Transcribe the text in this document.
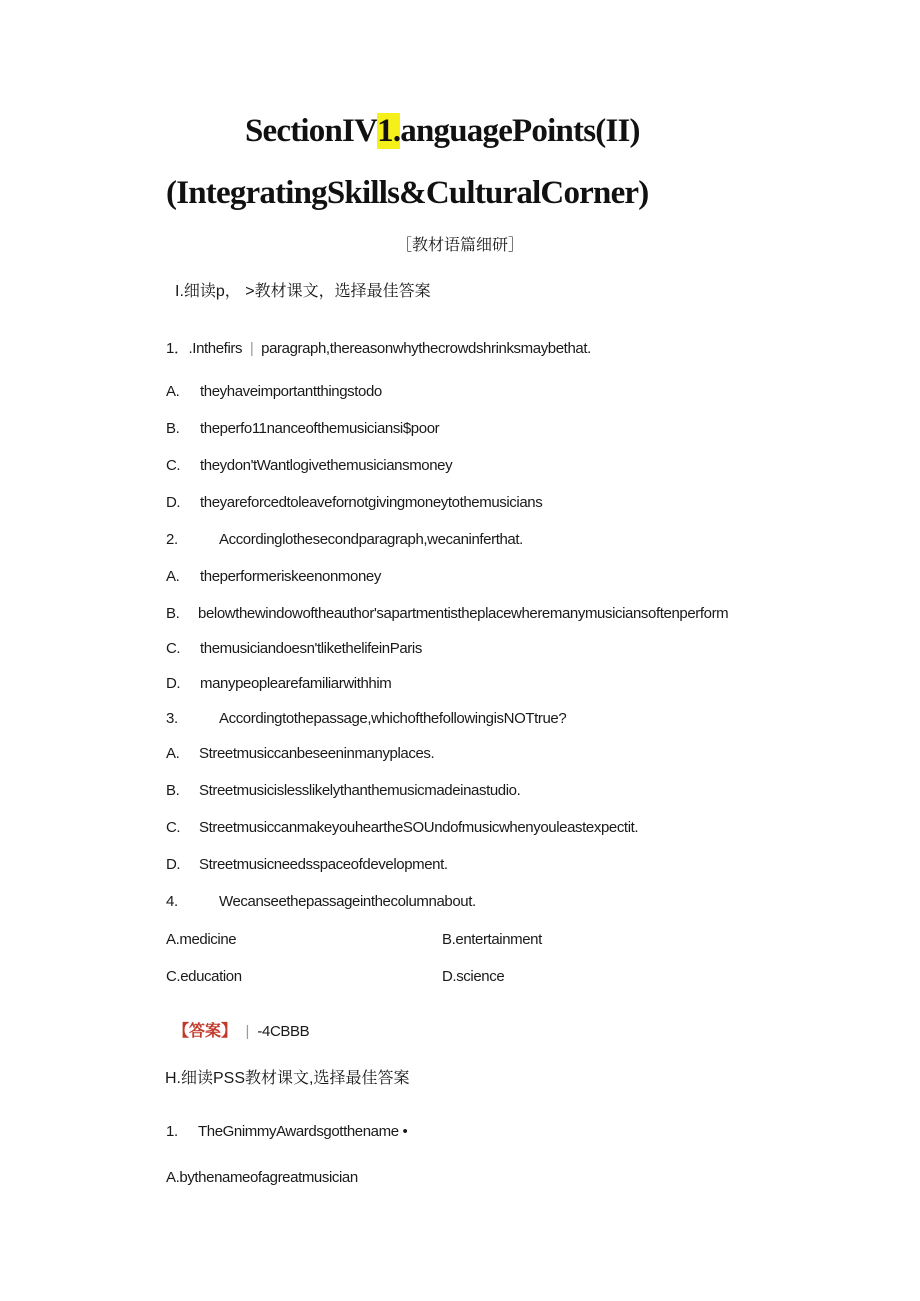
SectionIV1.anguagePoints(II)
(IntegratingSkills&CulturalCorner)
［教材语篇细研］
I.细读p， >教材课文，选择最佳答案
1．.Inthefirs | paragraph,thereasonwhythecrowdshrinksmaybethat.
A. theyhaveimportantthingstodo
B. theperfo11nanceofthemusiciansi$poor
C. theydon'tWantlogivethemusiciansmoney
D. theyareforcedtoleavefornotgivingmoneytothemusicians
2.	Accordinglothesecondparagraph,wecaninferthat.
A. theperformeriskeenonmoney
B. belowthewindowoftheauthor'sapartmentistheplacewheremanymusiciansoftenperform
C. themusiciandoesn'tlikethelifeinParis
D. manypeoplearefamiliarwithhim
3.	Accordingtothepassage,whichofthefollowingisNOTtrue?
A. Streetmusiccanbeseeninmanyplaces.
B. Streetmusicislesslikelythanthemusicmadeinastudio.
C. StreetmusiccanmakeyouheartheSOUndofmusicwhenyouleastexpectit.
D. Streetmusicneedsspaceofdevelopment.
4.	Wecanseethepassageinthecolumnabout.
A.medicine	B.entertainment
C.education	D.science
【答案】 | -4CBBB
H.细读PSS教材课文,选择最佳答案
1. TheGnimmyAwardsgotthename •
A.bythenameofagreatmusician
